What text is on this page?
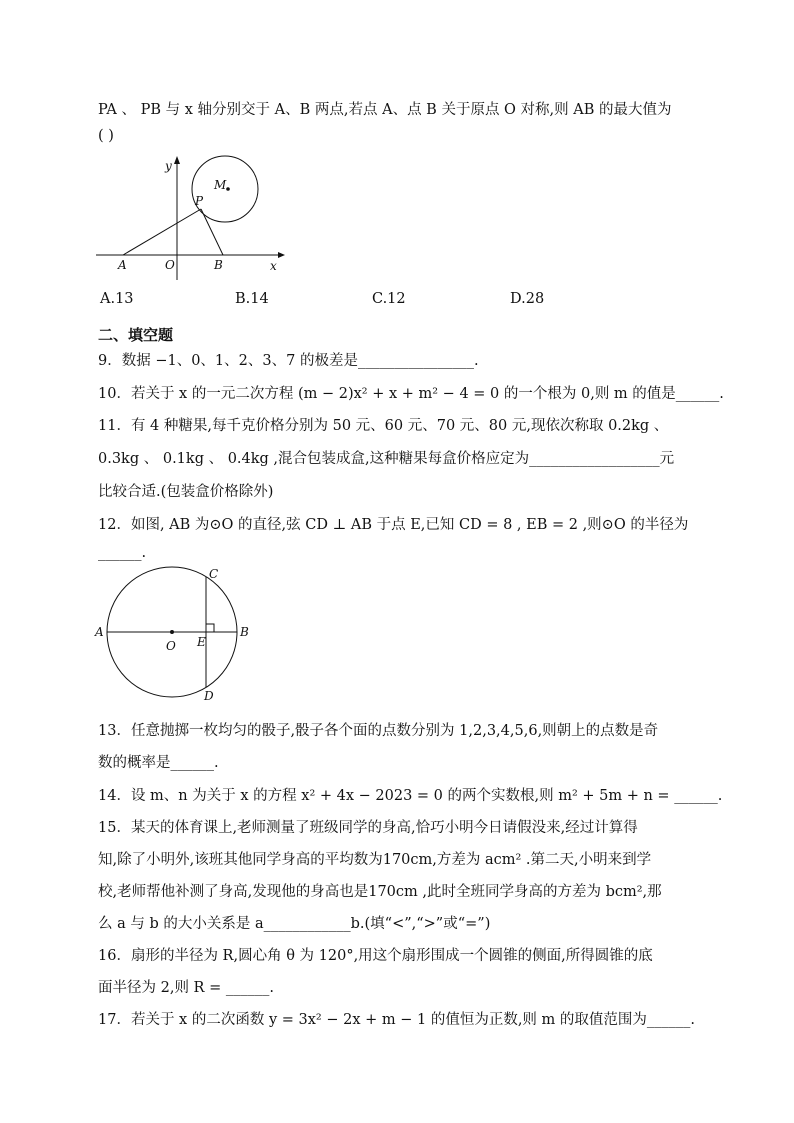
PA 、 PB 与 x 轴分别交于 A、B 两点,若点 A、点 B 关于原点 O 对称,则 AB 的最大值为
( )
y
x
M
P
A	O	B
A.13	B.14	C.12	D.28
二、填空题
9．数据 −1、0、1、2、3、7 的极差是________________.
10．若关于 x 的一元二次方程 (m − 2)x² + x + m² − 4 = 0 的一个根为 0,则 m 的值是______.
11．有 4 种糖果,每千克价格分别为 50 元、60 元、70 元、80 元,现依次称取 0.2kg 、
0.3kg 、 0.1kg 、 0.4kg ,混合包装成盒,这种糖果每盒价格应定为__________________元
比较合适.(包装盒价格除外)
12．如图, AB 为⊙O 的直径,弦 CD ⊥ AB 于点 E,已知 CD = 8 , EB = 2 ,则⊙O 的半径为
______.
A	B
O E
C
D
13．任意抛掷一枚均匀的骰子,骰子各个面的点数分别为 1,2,3,4,5,6,则朝上的点数是奇
数的概率是______.
14．设 m、n 为关于 x 的方程 x² + 4x − 2023 = 0 的两个实数根,则 m² + 5m + n = ______.
15．某天的体育课上,老师测量了班级同学的身高,恰巧小明今日请假没来,经过计算得
知,除了小明外,该班其他同学身高的平均数为170cm,方差为 acm² .第二天,小明来到学
校,老师帮他补测了身高,发现他的身高也是170cm ,此时全班同学身高的方差为 bcm²,那
么 a 与 b 的大小关系是 a____________b.(填“<”,“>”或“=”)
16．扇形的半径为 R,圆心角 θ 为 120°,用这个扇形围成一个圆锥的侧面,所得圆锥的底
面半径为 2,则 R = ______.
17．若关于 x 的二次函数 y = 3x² − 2x + m − 1 的值恒为正数,则 m 的取值范围为______.
